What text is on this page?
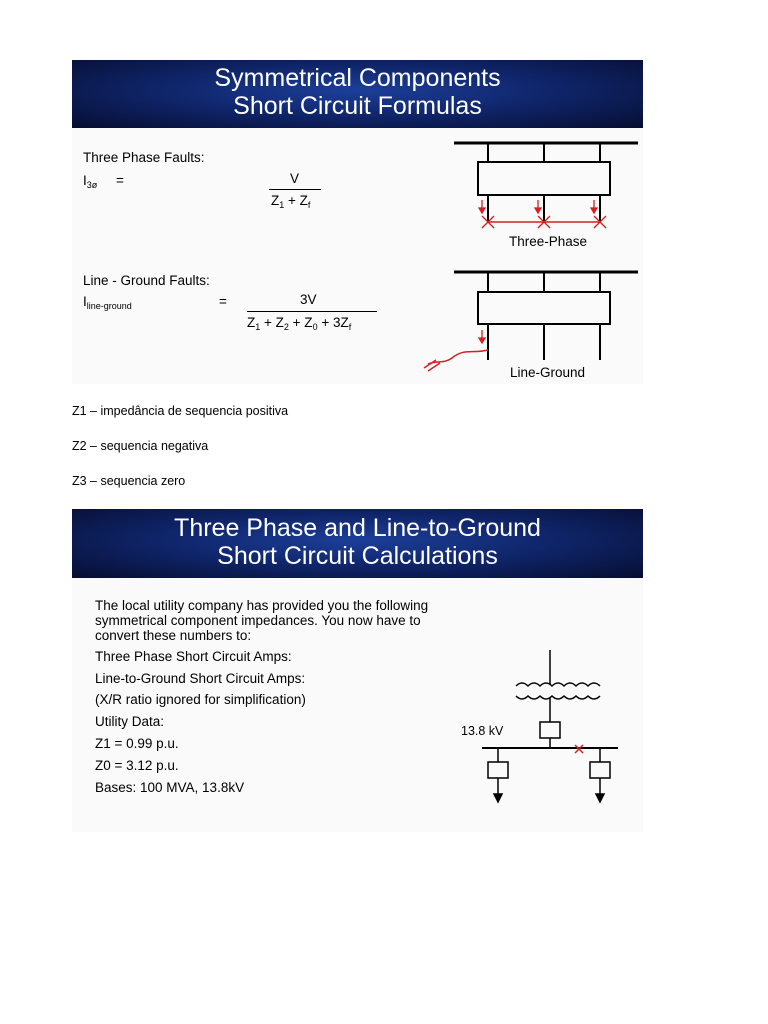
Symmetrical Components
Short Circuit Formulas
Three Phase Faults:
$I_{3ø}$ =	V
$Z_1 + Z_f$
Line - Ground Faults:
$I_{line-ground}$	=	3V
$Z_1 + Z_2 + Z_0 + 3Z_f$
Three-Phase
Line-Ground
Z1 – impedância de sequencia positiva
Z2 – sequencia negativa
Z3 – sequencia zero
Three Phase and Line-to-Ground
Short Circuit Calculations
The local utility company has provided you the following
symmetrical component impedances. You now have to
convert these numbers to:
Three Phase Short Circuit Amps:
Line-to-Ground Short Circuit Amps:
(X/R ratio ignored for simplification)
Utility Data:
Z1 = 0.99 p.u.
Z0 = 3.12 p.u.
Bases: 100 MVA, 13.8kV
13.8 kV
